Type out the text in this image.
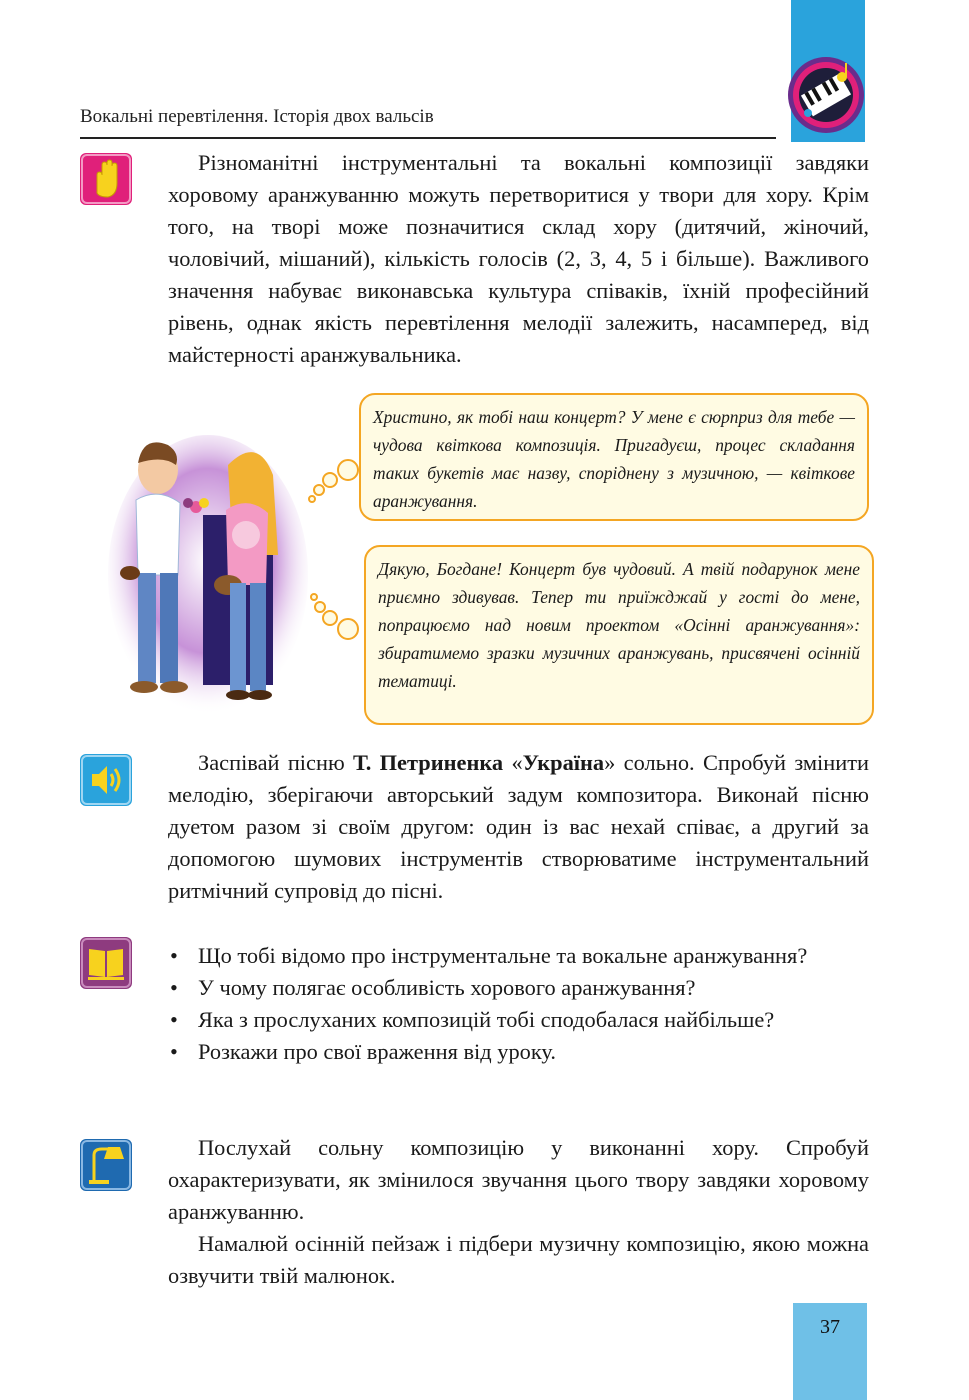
Вокальні перевтілення. Історія двох вальсів

Різноманітні інструментальні та вокальні композиції завдяки хоровому аранжуванню можуть перетворитися у твори для хору. Крім того, на творі може позначитися склад хору (дитячий, жіночий, чоловічий, мішаний), кількість голосів (2, 3, 4, 5 і більше). Важливого значення набуває виконавська культура співаків, їхній професійний рівень, однак якість перевтілення мелодії залежить, насамперед, від майстерності аранжувальника.

Христино, як тобі наш концерт? У мене є сюрприз для тебе — чудова квіткова композиція. Пригадуєш, процес складання таких букетів має назву, споріднену з музичною, — квіткове аранжування.
Дякую, Богдане! Концерт був чудовий. А твій подарунок мене приємно здивував. Тепер ти приїжджай у гості до мене, попрацюємо над новим проектом «Осінні аранжування»: збиратимемо зразки музичних аранжувань, присвячені осінній тематиці.

Заспівай пісню Т. Петриненка «Україна» сольно. Спробуй змінити мелодію, зберігаючи авторський задум композитора. Виконай пісню дуетом разом зі своїм другом: один із вас нехай співає, а другий за допомогою шумових інструментів створюватиме інструментальний ритмічний супровід до пісні.

• Що тобі відомо про інструментальне та вокальне аранжування?
• У чому полягає особливість хорового аранжування?
• Яка з прослуханих композицій тобі сподобалася найбільше?
• Розкажи про свої враження від уроку.

Послухай сольну композицію у виконанні хору. Спробуй охарактеризувати, як змінилося звучання цього твору завдяки хоровому аранжуванню.

Намалюй осінній пейзаж і підбери музичну композицію, якою можна озвучити твій малюнок.

37
